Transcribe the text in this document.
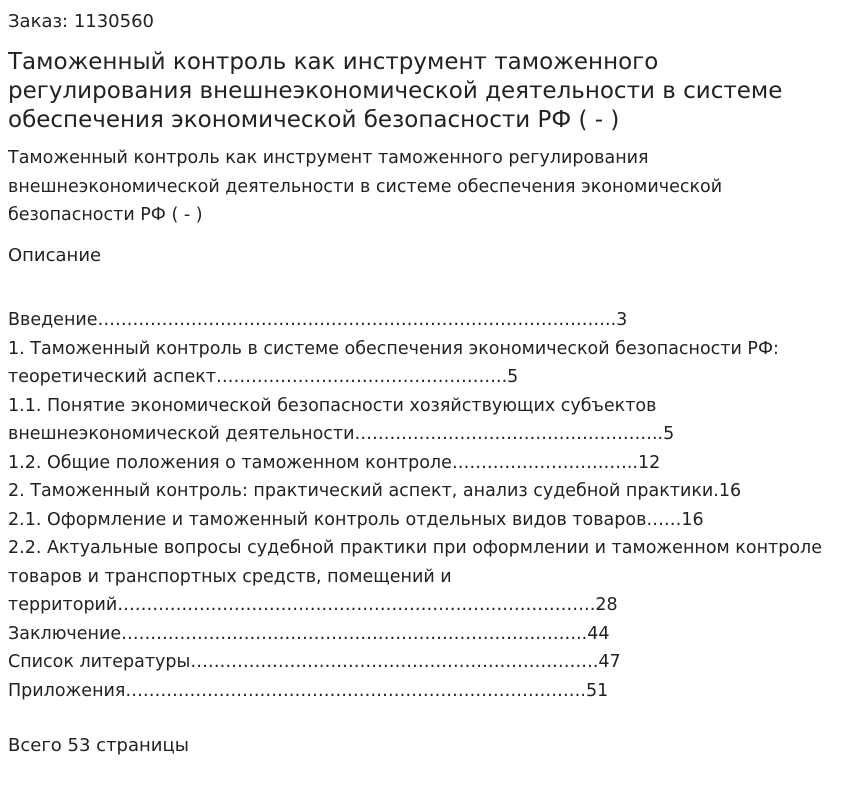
Заказ: 1130560

Таможенный контроль как инструмент таможенного регулирования внешнеэкономической деятельности в системе обеспечения экономической безопасности РФ ( - )

Таможенный контроль как инструмент таможенного регулирования внешнеэкономической деятельности в системе обеспечения экономической безопасности РФ ( - )

Описание

Введение……………………………………………………………………………..3
1. Таможенный контроль в системе обеспечения экономической безопасности РФ: теоретический аспект…………………………………………..5
1.1. Понятие экономической безопасности хозяйствующих субъектов внешнеэкономической деятельности……………………………………………..5
1.2. Общие положения о таможенном контроле…………………………..12
2. Таможенный контроль: практический аспект, анализ судебной практики.16
2.1. Оформление и таможенный контроль отдельных видов товаров……16
2.2. Актуальные вопросы судебной практики при оформлении и таможенном контроле товаров и транспортных средств, помещений и территорий……………………………………………………………………….28
Заключение……………………………………………………………………..44
Список литературы…………………………………………………………….47
Приложения…………………………………………………………………….51

Всего 53 страницы
